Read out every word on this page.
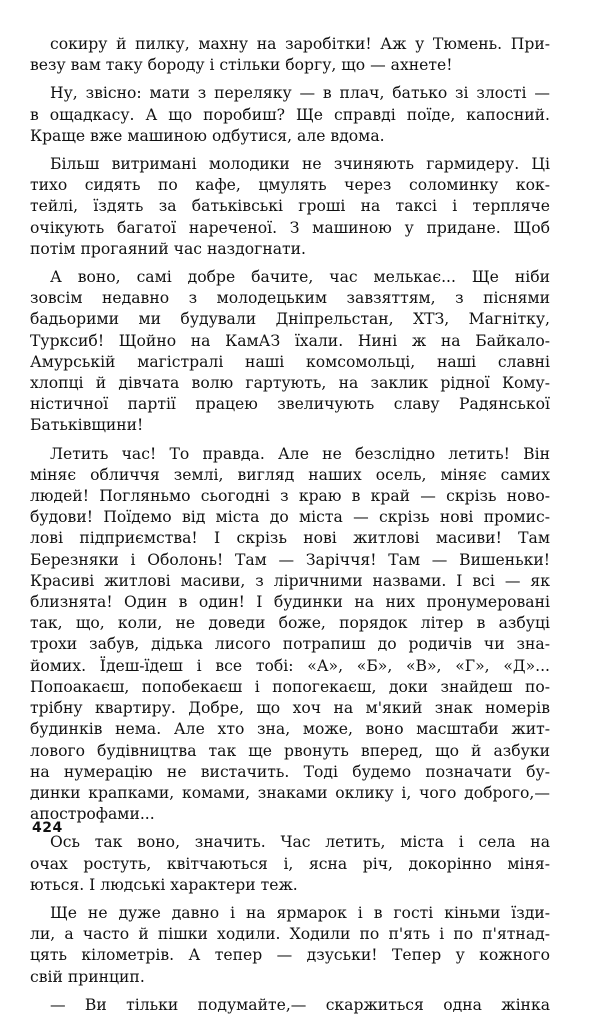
сокиру й пилку, махну на заробітки! Аж у Тюмень. При-
везу вам таку бороду і стільки боргу, що — ахнете!

Ну, звісно: мати з переляку — в плач, батько зі злості —
в ощадкасу. А що поробиш? Ще справді поїде, капосний.
Краще вже машиною одбутися, але вдома.

Більш витримані молодики не зчиняють гармидеру. Ці
тихо сидять по кафе, цмулять через соломинку кок-
тейлі, їздять за батьківські гроші на таксі і терпляче
очікують багатої нареченої. З машиною у придане. Щоб
потім прогаяний час наздогнати.

А воно, самі добре бачите, час мелькає... Ще ніби
зовсім недавно з молодецьким завзяттям, з піснями
бадьорими ми будували Дніпрельстан, ХТЗ, Магнітку,
Турксиб! Щойно на КамАЗ їхали. Нині ж на Байкало-
Амурській магістралі наші комсомольці, наші славні
хлопці й дівчата волю гартують, на заклик рідної Кому-
ністичної партії працею звеличують славу Радянської
Батьківщини!

Летить час! То правда. Але не безслідно летить! Він
міняє обличчя землі, вигляд наших осель, міняє самих
людей! Погляньмо сьогодні з краю в край — скрізь ново-
будови! Поїдемо від міста до міста — скрізь нові промис-
лові підприємства! І скрізь нові житлові масиви! Там
Березняки і Оболонь! Там — Заріччя! Там — Вишеньки!
Красиві житлові масиви, з ліричними назвами. І всі — як
близнята! Один в один! І будинки на них пронумеровані
так, що, коли, не доведи боже, порядок літер в азбуці
трохи забув, дідька лисого потрапиш до родичів чи зна-
йомих. Їдеш-їдеш і все тобі: «А», «Б», «В», «Г», «Д»...
Попоакаєш, попобекаєш і попогекаєш, доки знайдеш по-
трібну квартиру. Добре, що хоч на м'який знак номерів
будинків нема. Але хто зна, може, воно масштаби жит-
лового будівництва так ще рвонуть вперед, що й азбуки
на нумерацію не вистачить. Тоді будемо позначати бу-
динки крапками, комами, знаками оклику і, чого доброго,—
апострофами...

Ось так воно, значить. Час летить, міста і села на
очах ростуть, квітчаються і, ясна річ, докорінно міня-
ються. І людські характери теж.

Ще не дуже давно і на ярмарок і в гості кіньми їзди-
ли, а часто й пішки ходили. Ходили по п'ять і по п'ятнад-
цять кілометрів. А тепер — дзуськи! Тепер у кожного
свій принцип.

— Ви тільки подумайте,— скаржиться одна жінка

424
